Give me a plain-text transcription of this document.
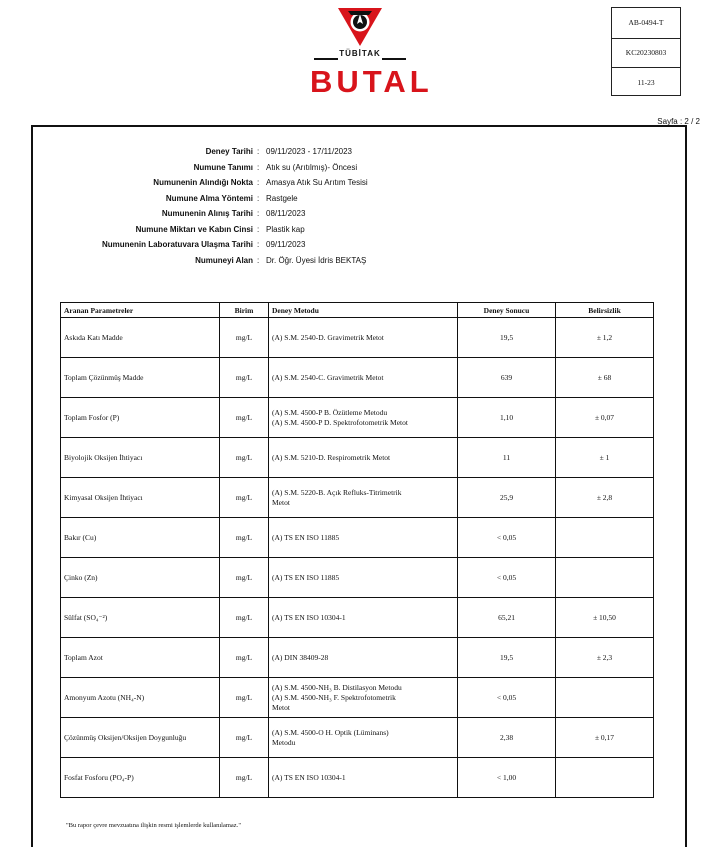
TÜBİTAK
BUTAL
AB-0494-T
KC20230803
11-23
Sayfa : 2 / 2
Deney Tarihi : 09/11/2023 - 17/11/2023
Numune Tanımı : Atık su (Arıtılmış)- Öncesi
Numunenin Alındığı Nokta : Amasya Atık Su Arıtım Tesisi
Numune Alma Yöntemi : Rastgele
Numunenin Alınış Tarihi : 08/11/2023
Numune Miktarı ve Kabın Cinsi : Plastik kap
Numunenin Laboratuvara Ulaşma Tarihi : 09/11/2023
Numuneyi Alan : Dr. Öğr. Üyesi İdris BEKTAŞ
Aranan Parametreler	Birim	Deney Metodu	Deney Sonucu	Belirsizlik
Askıda Katı Madde	mg/L	(A) S.M. 2540-D. Gravimetrik Metot	19,5	± 1,2
Toplam Çözünmüş Madde	mg/L	(A) S.M. 2540-C. Gravimetrik Metot	639	± 68
Toplam Fosfor (P)	mg/L	(A) S.M. 4500-P B. Özütleme Metodu
(A) S.M. 4500-P D. Spektrofotometrik Metot	1,10	± 0,07
Biyolojik Oksijen İhtiyacı	mg/L	(A) S.M. 5210-D. Respirometrik Metot	11	± 1
Kimyasal Oksijen İhtiyacı	mg/L	(A) S.M. 5220-B. Açık Refluks-Titrimetrik
Metot	25,9	± 2,8
Bakır (Cu)	mg/L	(A) TS EN ISO 11885	< 0,05	
Çinko (Zn)	mg/L	(A) TS EN ISO 11885	< 0,05	
Sülfat (SO₄⁻²)	mg/L	(A) TS EN ISO 10304-1	65,21	± 10,50
Toplam Azot	mg/L	(A) DIN 38409-28	19,5	± 2,3
Amonyum Azotu (NH₄-N)	mg/L	(A) S.M. 4500-NH₃ B. Distilasyon Metodu
(A) S.M. 4500-NH₃ F. Spektrofotometrik
Metot	< 0,05	
Çözünmüş Oksijen/Oksijen Doygunluğu	mg/L	(A) S.M. 4500-O H. Optik (Lüminans)
Metodu	2,38	± 0,17
Fosfat Fosforu (PO₄-P)	mg/L	(A) TS EN ISO 10304-1	< 1,00	
"Bu rapor çevre mevzuatına ilişkin resmi işlemlerde kullanılamaz."
